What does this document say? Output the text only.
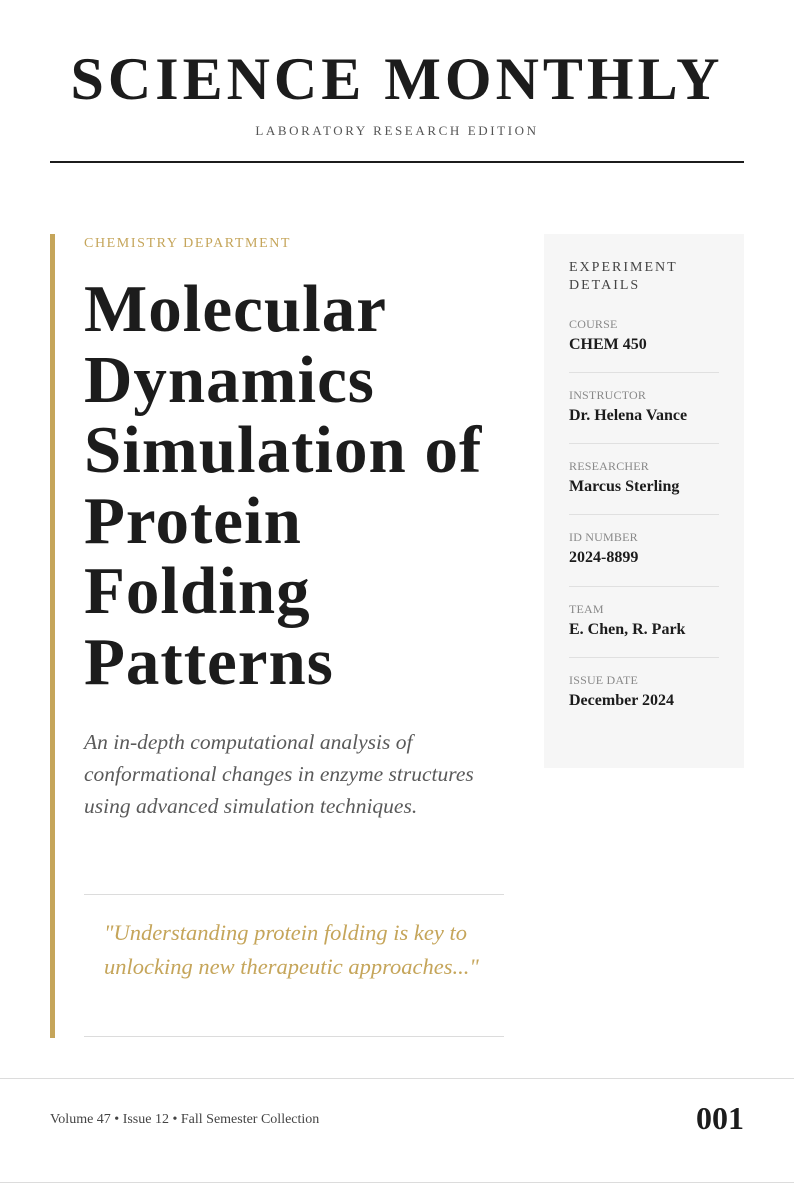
SCIENCE MONTHLY
LABORATORY RESEARCH EDITION
CHEMISTRY DEPARTMENT
Molecular
Dynamics
Simulation of
Protein
Folding
Patterns

An in-depth computational analysis of conformational changes in enzyme structures using advanced simulation techniques.

"Understanding protein folding is key to unlocking new therapeutic approaches..."
EXPERIMENT DETAILS
COURSE
CHEM 450
INSTRUCTOR
Dr. Helena Vance
RESEARCHER
Marcus Sterling
ID NUMBER
2024-8899
TEAM
E. Chen, R. Park
ISSUE DATE
December 2024
Volume 47 • Issue 12 • Fall Semester Collection	001
